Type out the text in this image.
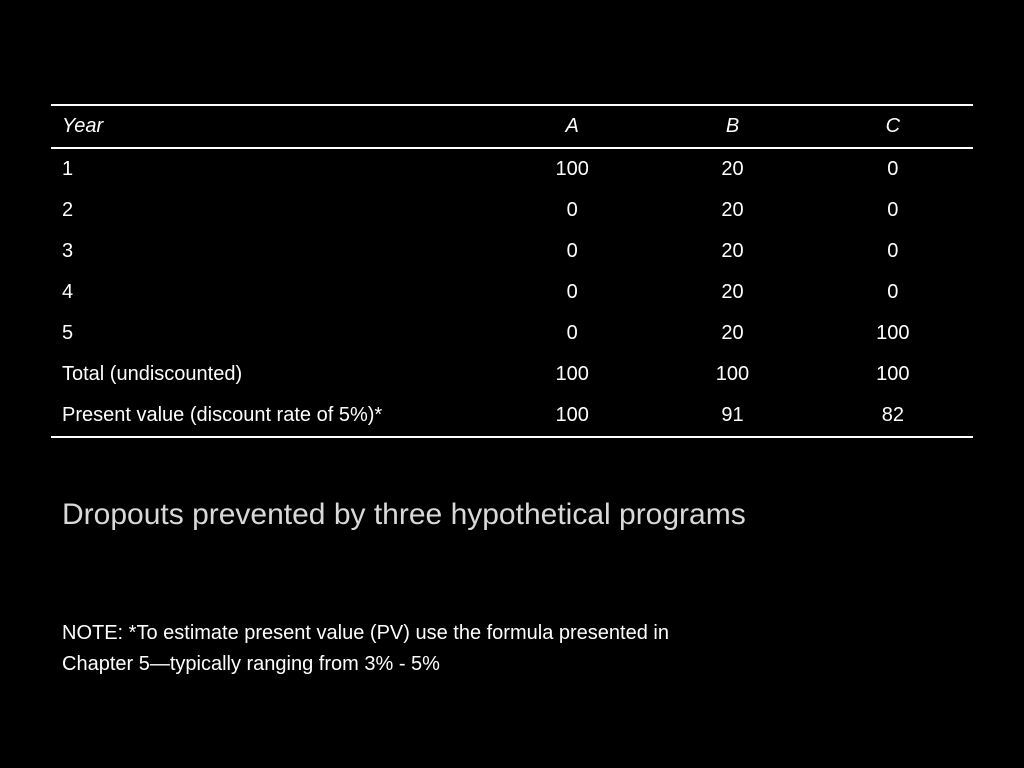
Year	A	B	C
1	100	20	0
2	0	20	0
3	0	20	0
4	0	20	0
5	0	20	100
Total (undiscounted)	100	100	100
Present value (discount rate of 5%)*	100	91	82
Dropouts prevented by three hypothetical programs
NOTE: *To estimate present value (PV) use the formula presented in
Chapter 5—typically ranging from 3% - 5%
